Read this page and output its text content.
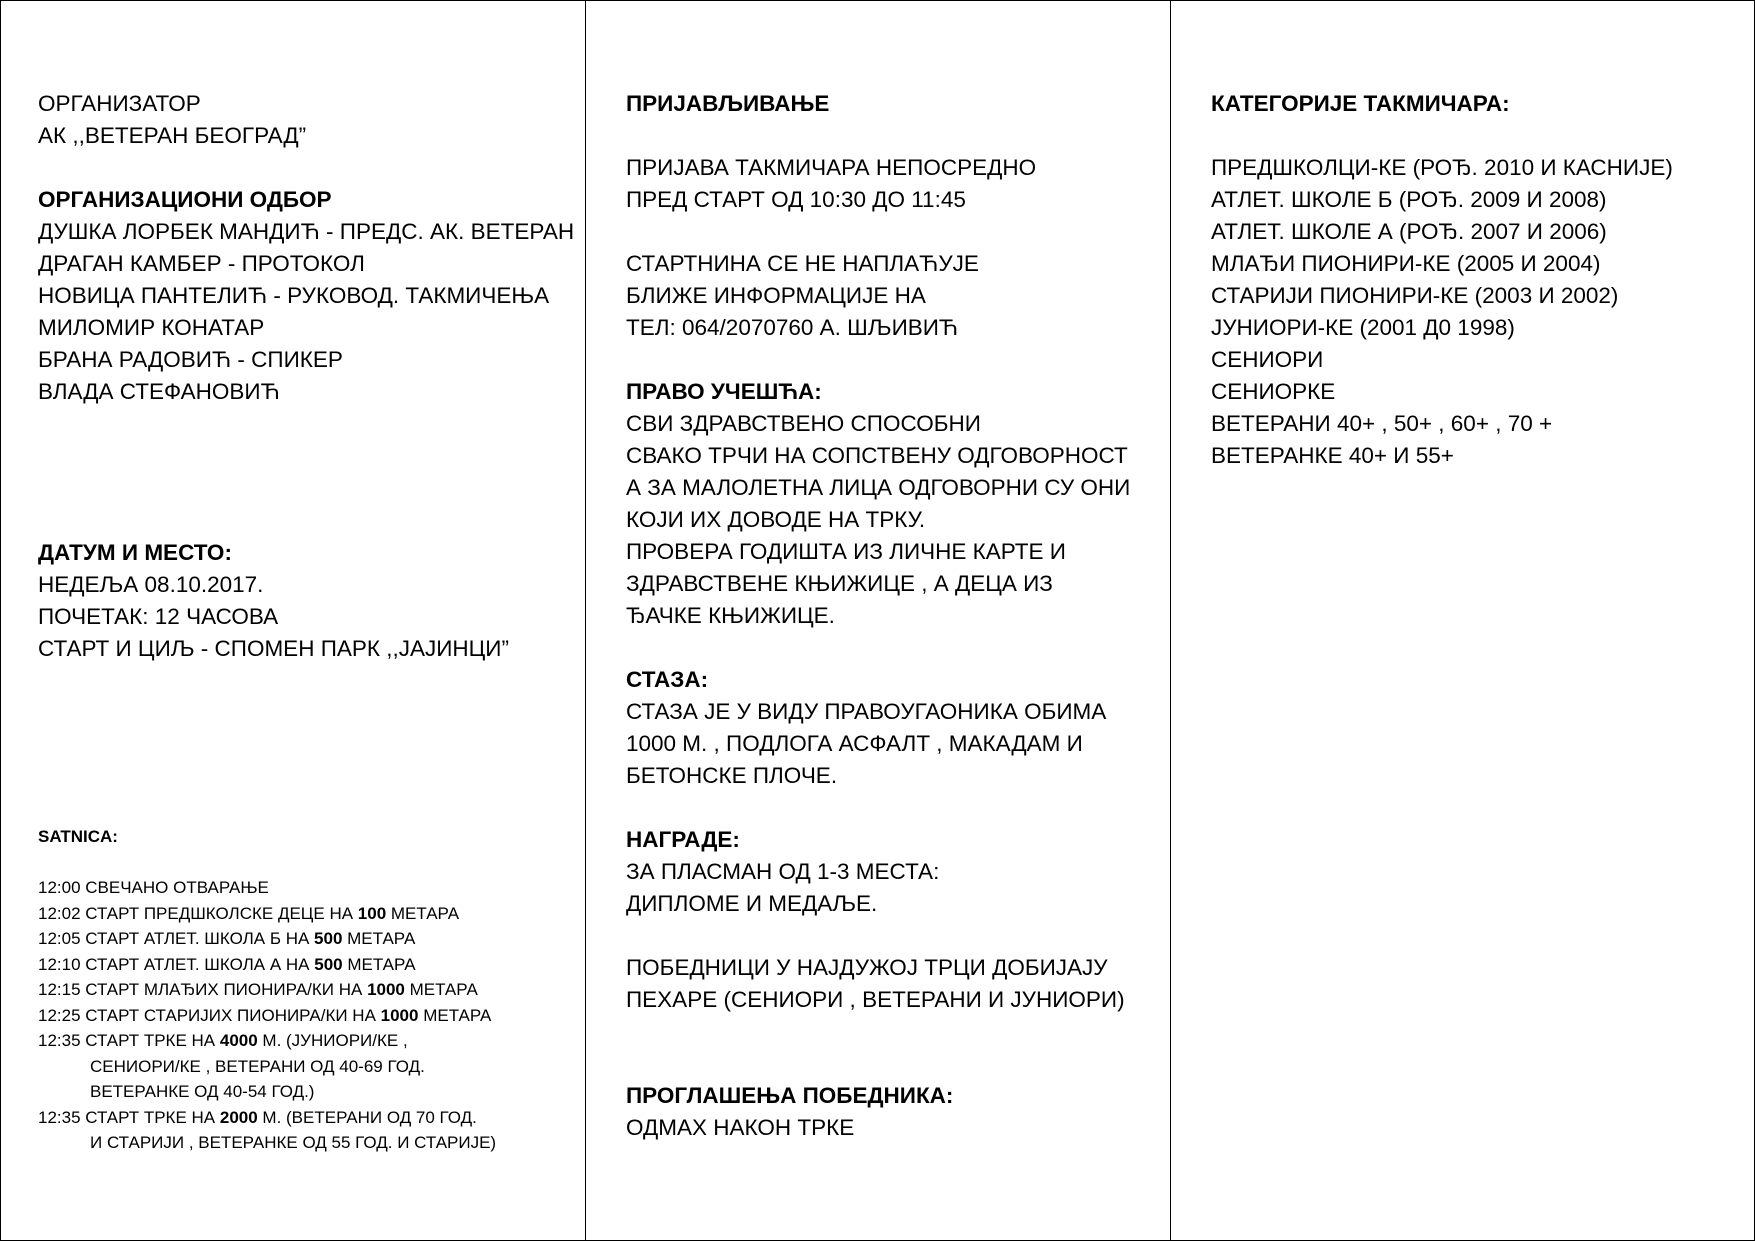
ОРГАНИЗАТОР
АК ,,ВЕТЕРАН БЕОГРАД”
ОРГАНИЗАЦИОНИ ОДБОР
ДУШКА ЛОРБЕК МАНДИЋ - ПРЕДС. АК. ВЕТЕРАН
ДРАГАН КАМБЕР - ПРОТОКОЛ
НОВИЦА ПАНТЕЛИЋ - РУКОВОД. ТАКМИЧЕЊА
МИЛОМИР КОНАТАР
БРАНА РАДОВИЋ - СПИКЕР
ВЛАДА СТЕФАНОВИЋ
ДАТУМ И МЕСТО:
НЕДЕЉА 08.10.2017.
ПОЧЕТАК: 12 ЧАСОВА
СТАРТ И ЦИЉ - СПОМЕН ПАРК ,,ЈАЈИНЦИ”
SATNICA:
12:00 СВЕЧАНО ОТВАРАЊЕ
12:02 СТАРТ ПРЕДШКОЛСКЕ ДЕЦЕ НА 100 МЕТАРА
12:05 СТАРТ АТЛЕТ. ШКОЛА Б НА 500 МЕТАРА
12:10 СТАРТ АТЛЕТ. ШКОЛА А НА 500 МЕТАРА
12:15 СТАРТ МЛАЂИХ ПИОНИРА/КИ НА 1000 МЕТАРА
12:25 СТАРТ СТАРИЈИХ ПИОНИРА/КИ НА 1000 МЕТАРА
12:35 СТАРТ ТРКЕ НА 4000 М. (ЈУНИОРИ/КЕ ,
СЕНИОРИ/КЕ , ВЕТЕРАНИ ОД 40-69 ГОД.
ВЕТЕРАНКЕ ОД 40-54 ГОД.)
12:35 СТАРТ ТРКЕ НА 2000 М. (ВЕТЕРАНИ ОД 70 ГОД.
И СТАРИЈИ , ВЕТЕРАНКЕ ОД 55 ГОД. И СТАРИЈЕ)
ПРИЈАВЉИВАЊЕ
ПРИЈАВА ТАКМИЧАРА НЕПОСРЕДНО
ПРЕД СТАРТ ОД 10:30 ДО 11:45
СТАРТНИНА СЕ НЕ НАПЛАЋУЈЕ
БЛИЖЕ ИНФОРМАЦИЈЕ НА
ТЕЛ: 064/2070760 А. ШЉИВИЋ
ПРАВО УЧЕШЋА:
СВИ ЗДРАВСТВЕНО СПОСОБНИ
СВАКО ТРЧИ НА СОПСТВЕНУ ОДГОВОРНОСТ
А ЗА МАЛОЛЕТНА ЛИЦА ОДГОВОРНИ СУ ОНИ
КОЈИ ИХ ДОВОДЕ НА ТРКУ.
ПРОВЕРА ГОДИШТА ИЗ ЛИЧНЕ КАРТЕ И
ЗДРАВСТВЕНЕ КЊИЖИЦЕ , А ДЕЦА ИЗ
ЂАЧКЕ КЊИЖИЦЕ.
СТАЗА:
СТАЗА ЈЕ У ВИДУ ПРАВОУГАОНИКА ОБИМА
1000 М. , ПОДЛОГА АСФАЛТ , МАКАДАМ И
БЕТОНСКЕ ПЛОЧЕ.
НАГРАДЕ:
ЗА ПЛАСМАН ОД 1-3 МЕСТА:
ДИПЛОМЕ И МЕДАЉЕ.
ПОБЕДНИЦИ У НАЈДУЖОЈ ТРЦИ ДОБИЈАЈУ
ПЕХАРЕ (СЕНИОРИ , ВЕТЕРАНИ И ЈУНИОРИ)
ПРОГЛАШЕЊА ПОБЕДНИКА:
ОДМАХ НАКОН ТРКЕ
КАТЕГОРИЈЕ ТАКМИЧАРА:
ПРЕДШКОЛЦИ-КЕ (РОЂ. 2010 И КАСНИЈЕ)
АТЛЕТ. ШКОЛЕ Б (РОЂ. 2009 И 2008)
АТЛЕТ. ШКОЛЕ А (РОЂ. 2007 И 2006)
МЛАЂИ ПИОНИРИ-КЕ (2005 И 2004)
СТАРИЈИ ПИОНИРИ-КЕ (2003 И 2002)
ЈУНИОРИ-КЕ (2001 Д0 1998)
СЕНИОРИ
СЕНИОРКЕ
ВЕТЕРАНИ 40+ , 50+ , 60+ , 70 +
ВЕТЕРАНКЕ 40+ И 55+
